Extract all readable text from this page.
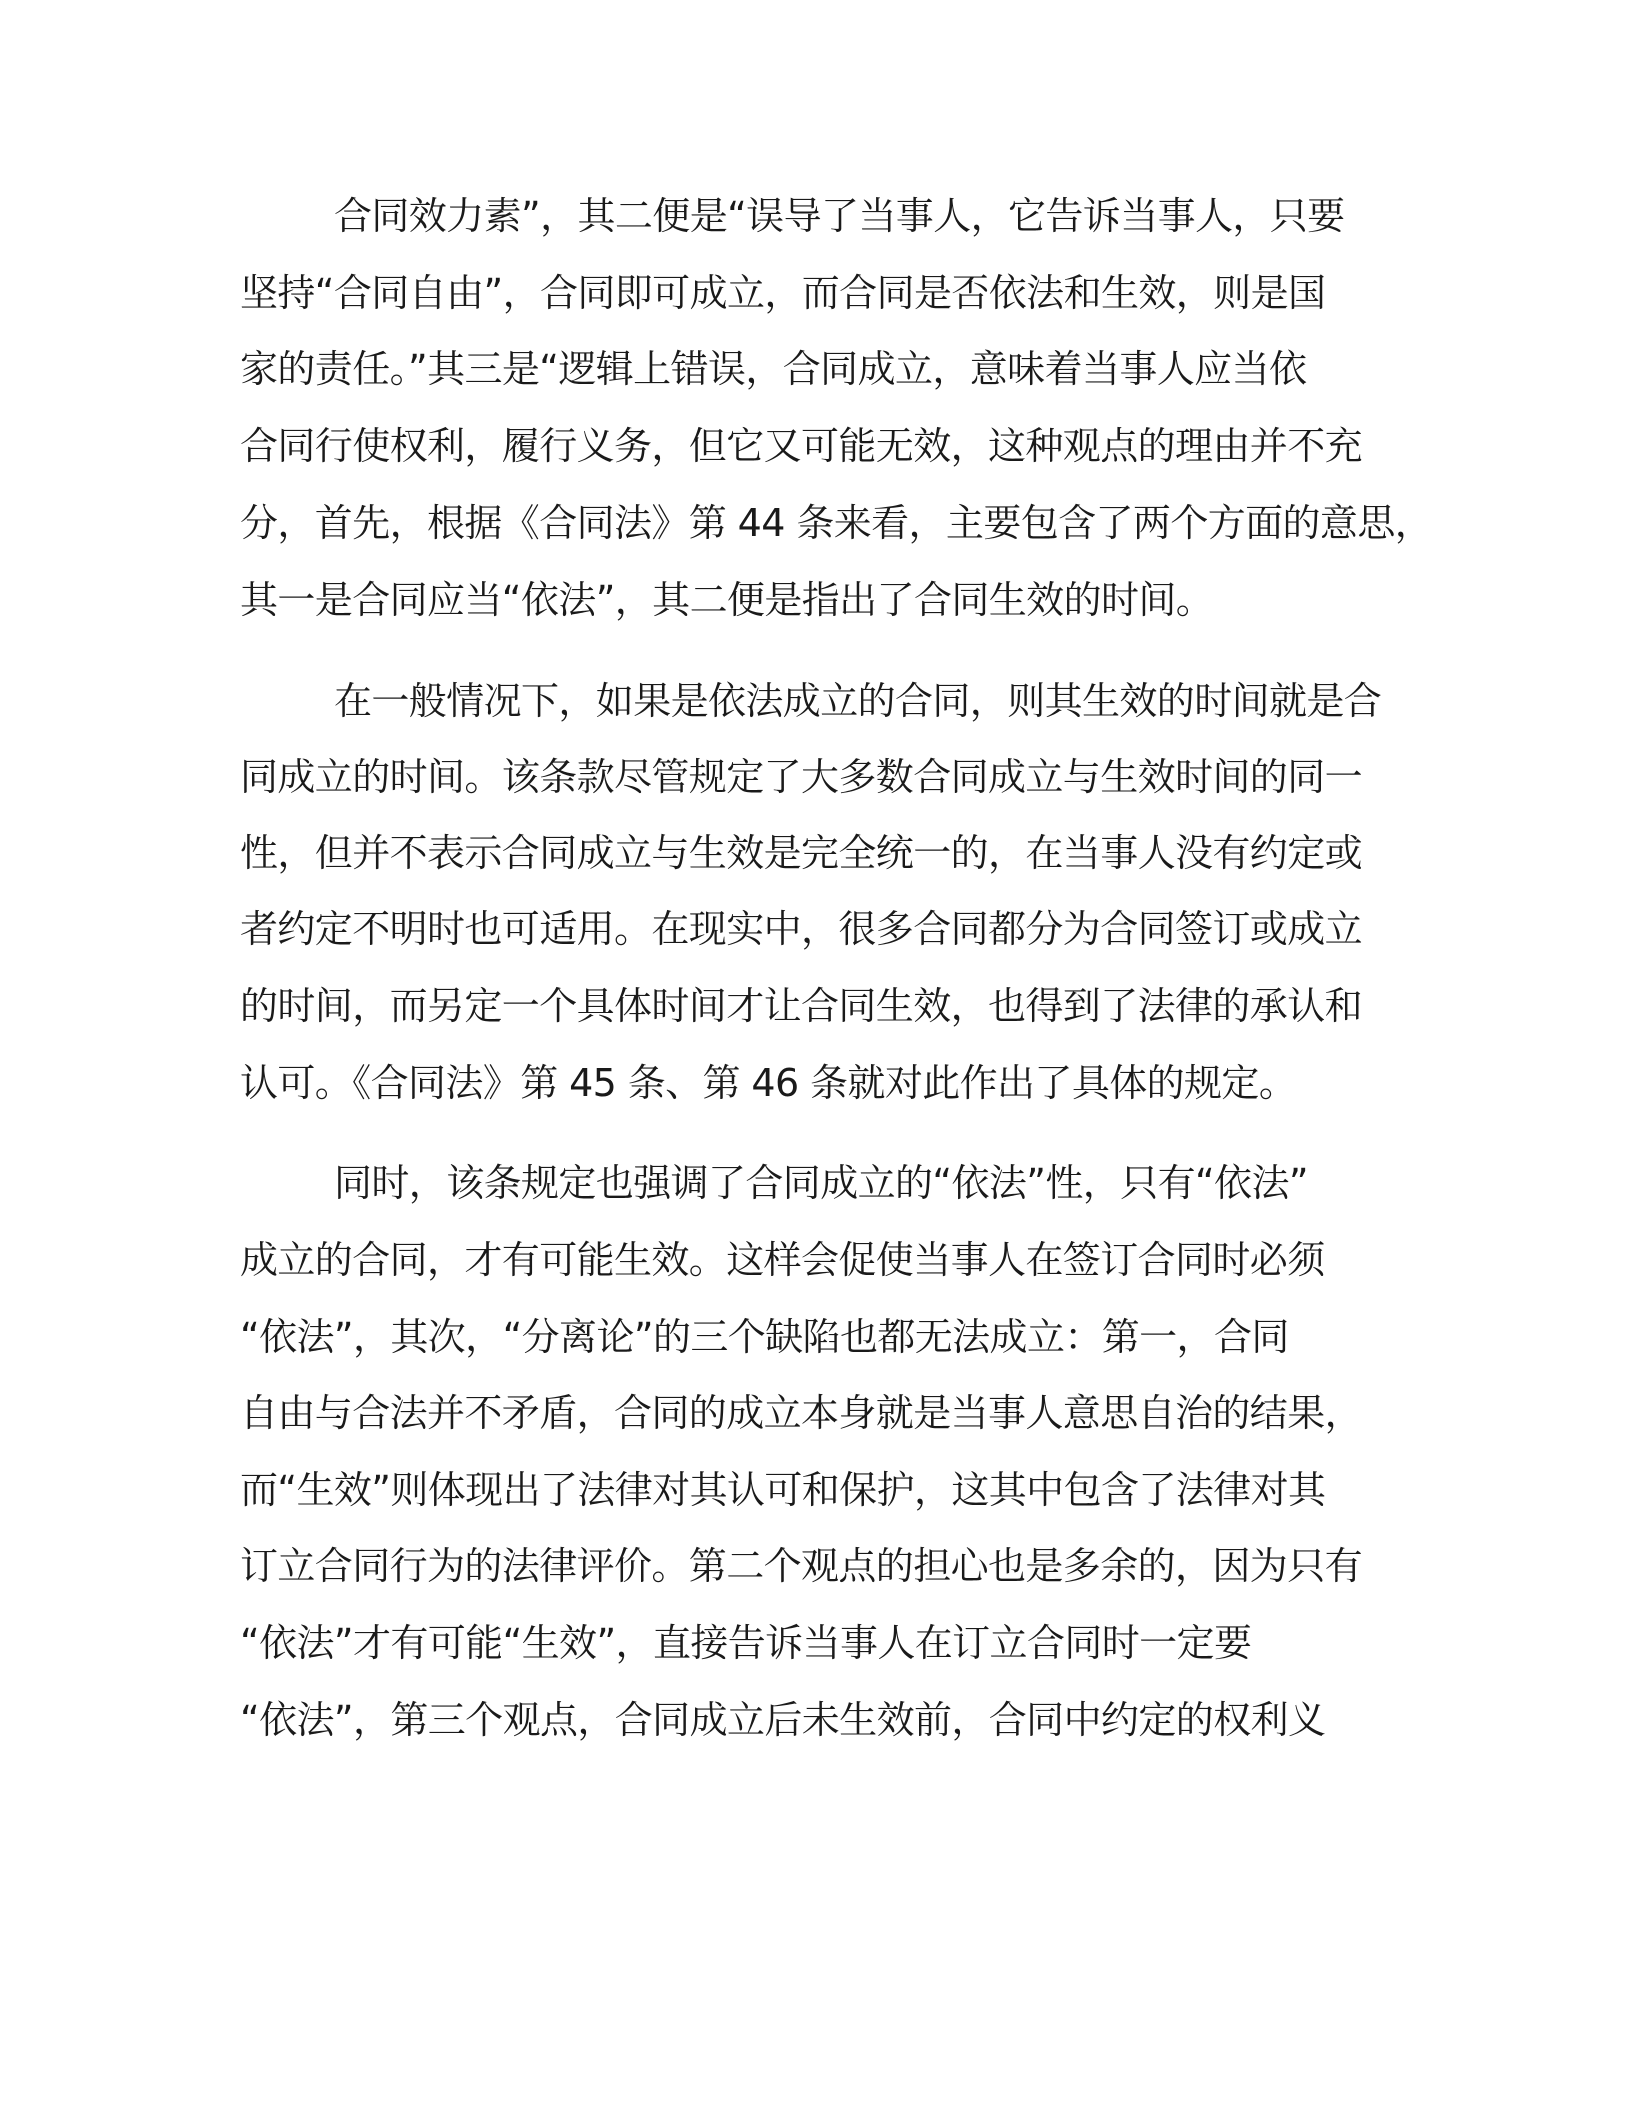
合同效力素”，其二便是“误导了当事人，它告诉当事人，只要

坚持“合同自由”，合同即可成立，而合同是否依法和生效，则是国

家的责任。”其三是“逻辑上错误，合同成立，意味着当事人应当依

合同行使权利，履行义务，但它又可能无效，这种观点的理由并不充

分，首先，根据《合同法》第 44 条来看，主要包含了两个方面的意思，

其一是合同应当“依法”，其二便是指出了合同生效的时间。

在一般情况下，如果是依法成立的合同，则其生效的时间就是合

同成立的时间。该条款尽管规定了大多数合同成立与生效时间的同一

性，但并不表示合同成立与生效是完全统一的，在当事人没有约定或

者约定不明时也可适用。在现实中，很多合同都分为合同签订或成立

的时间，而另定一个具体时间才让合同生效，也得到了法律的承认和

认可。《合同法》第 45 条、第 46 条就对此作出了具体的规定。

同时，该条规定也强调了合同成立的“依法”性，只有“依法”

成立的合同，才有可能生效。这样会促使当事人在签订合同时必须

“依法”，其次，“分离论”的三个缺陷也都无法成立：第一，合同

自由与合法并不矛盾，合同的成立本身就是当事人意思自治的结果，

而“生效”则体现出了法律对其认可和保护，这其中包含了法律对其

订立合同行为的法律评价。第二个观点的担心也是多余的，因为只有

“依法”才有可能“生效”，直接告诉当事人在订立合同时一定要

“依法”，第三个观点，合同成立后未生效前，合同中约定的权利义
